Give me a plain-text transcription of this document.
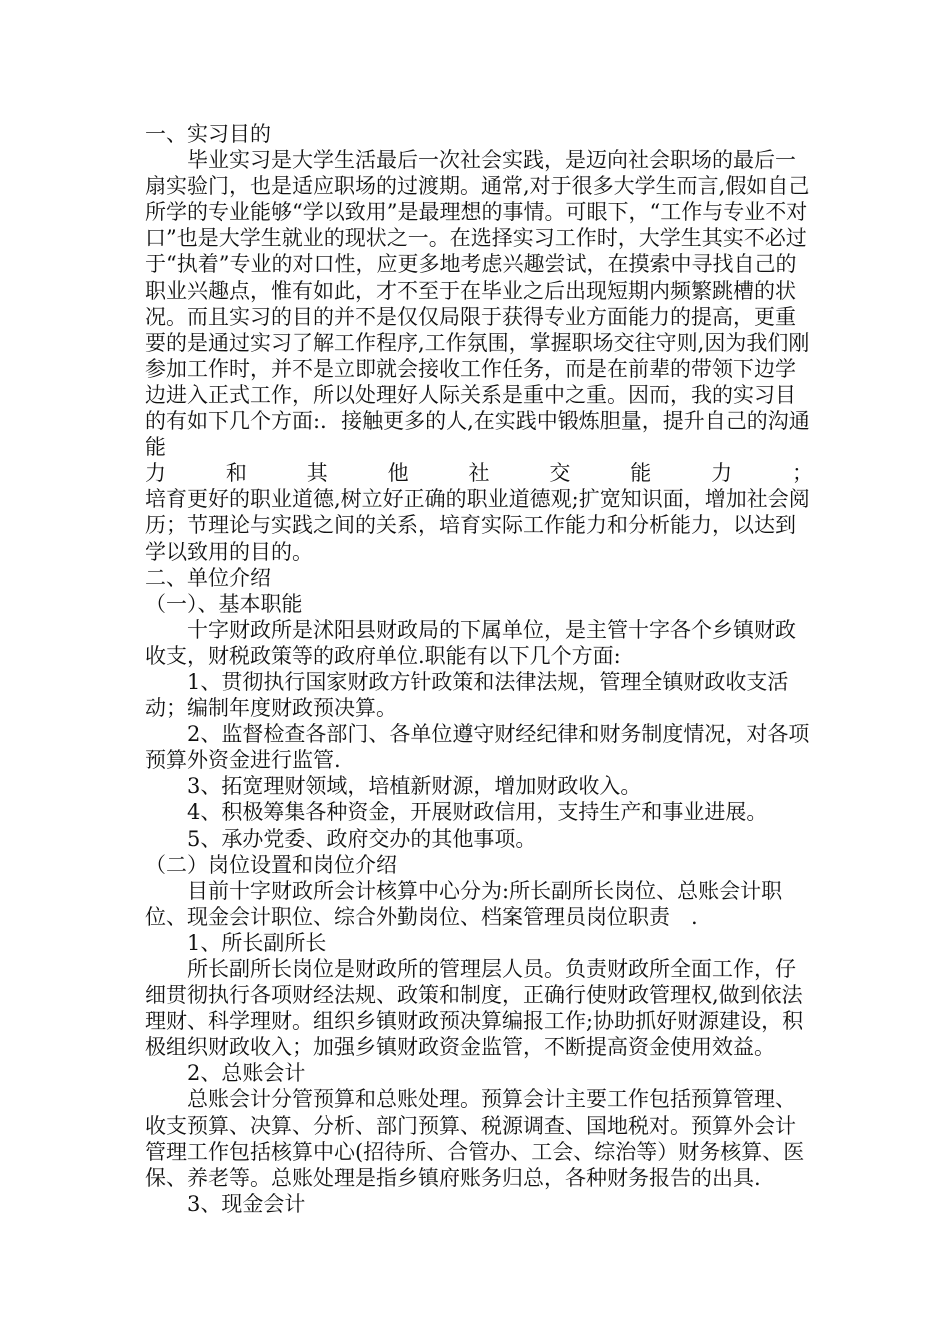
一、实习目的

毕业实习是大学生活最后一次社会实践，是迈向社会职场的最后一扇实验门，也是适应职场的过渡期。通常,对于很多大学生而言,假如自己所学的专业能够“学以致用”是最理想的事情。可眼下，“工作与专业不对口”也是大学生就业的现状之一。在选择实习工作时，大学生其实不必过于“执着”专业的对口性，应更多地考虑兴趣尝试，在摸索中寻找自己的职业兴趣点，惟有如此，才不至于在毕业之后出现短期内频繁跳槽的状况。而且实习的目的并不是仅仅局限于获得专业方面能力的提高，更重要的是通过实习了解工作程序,工作氛围，掌握职场交往守则,因为我们刚参加工作时，并不是立即就会接收工作任务，而是在前辈的带领下边学边进入正式工作，所以处理好人际关系是重中之重。因而，我的实习目的有如下几个方面:．接触更多的人,在实践中锻炼胆量，提升自己的沟通能

力	和	其	他	社	交	能	力	；

培育更好的职业道德,树立好正确的职业道德观;扩宽知识面，增加社会阅历；节理论与实践之间的关系，培育实际工作能力和分析能力，以达到学以致用的目的。

二、单位介绍

（一）、基本职能

十字财政所是沭阳县财政局的下属单位，是主管十字各个乡镇财政收支，财税政策等的政府单位.职能有以下几个方面:

1、贯彻执行国家财政方针政策和法律法规，管理全镇财政收支活动；编制年度财政预决算。

2、监督检查各部门、各单位遵守财经纪律和财务制度情况，对各项预算外资金进行监管.

3、拓宽理财领域，培植新财源，增加财政收入。

4、积极筹集各种资金，开展财政信用，支持生产和事业进展。

5、承办党委、政府交办的其他事项。

（二）岗位设置和岗位介绍

目前十字财政所会计核算中心分为:所长副所长岗位、总账会计职位、现金会计职位、综合外勤岗位、档案管理员岗位职责　.

1、所长副所长

所长副所长岗位是财政所的管理层人员。负责财政所全面工作，仔细贯彻执行各项财经法规、政策和制度，正确行使财政管理权,做到依法理财、科学理财。组织乡镇财政预决算编报工作;协助抓好财源建设，积极组织财政收入；加强乡镇财政资金监管，不断提高资金使用效益。

2、总账会计

总账会计分管预算和总账处理。预算会计主要工作包括预算管理、收支预算、决算、分析、部门预算、税源调查、国地税对。预算外会计管理工作包括核算中心(招待所、合管办、工会、综治等）财务核算、医保、养老等。总账处理是指乡镇府账务归总，各种财务报告的出具.

3、现金会计
